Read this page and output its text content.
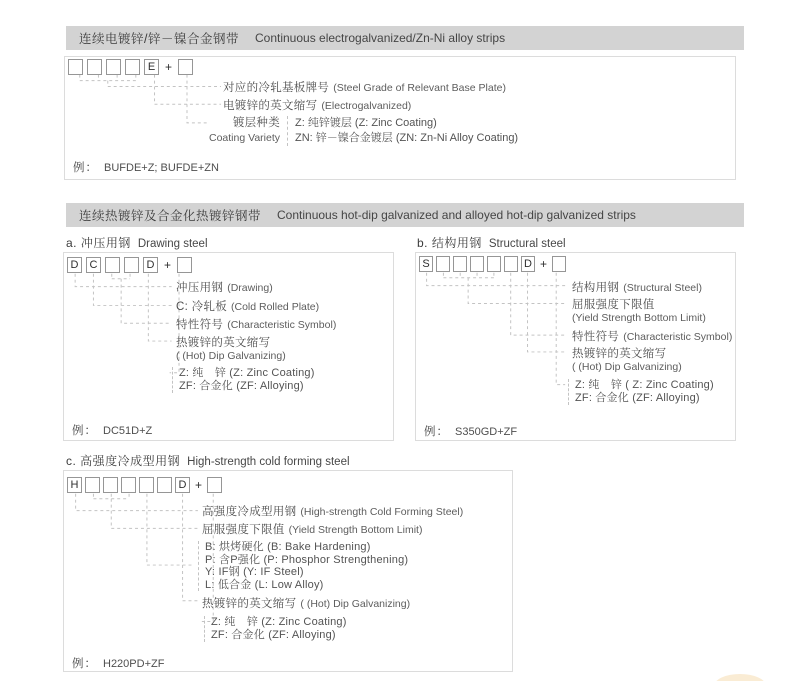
连续电镀锌/锌－镍合金钢带 Continuous electrogalvanized/Zn-Ni alloy strips
E +
对应的冷轧基板牌号 (Steel Grade of Relevant Base Plate)
电镀锌的英文缩写 (Electrogalvanized)
镀层种类
Coating Variety
Z: 纯锌镀层 (Z: Zinc Coating)
ZN: 锌－镍合金镀层 (ZN: Zn-Ni Alloy Coating)
例： BUFDE+Z; BUFDE+ZN
连续热镀锌及合金化热镀锌钢带 Continuous hot-dip galvanized and alloyed hot-dip galvanized strips
a. 冲压用钢 Drawing steel	b. 结构用钢 Structural steel
D	C	D +
冲压用钢 (Drawing)
C: 冷轧板 (Cold Rolled Plate)
特性符号 (Characteristic Symbol)
热镀锌的英文缩写
( (Hot) Dip Galvanizing)
Z: 纯　锌 (Z: Zinc Coating)
ZF: 合金化 (ZF: Alloying)
例： DC51D+Z
S	D +
结构用钢 (Structural Steel)
屈服强度下限值
(Yield Strength Bottom Limit)
特性符号 (Characteristic Symbol)
热镀锌的英文缩写
( (Hot) Dip Galvanizing)
Z: 纯　锌 ( Z: Zinc Coating)
ZF: 合金化 (ZF: Alloying)
例： S350GD+ZF
c. 高强度冷成型用钢 High-strength cold forming steel
H	D +
高强度冷成型用钢 (High-strength Cold Forming Steel)
屈服强度下限值 (Yield Strength Bottom Limit)
B: 烘烤硬化 (B: Bake Hardening)
P: 含P强化 (P: Phosphor Strengthening)
Y: IF钢 (Y: IF Steel)
L: 低合金 (L: Low Alloy)
热镀锌的英文缩写 ( (Hot) Dip Galvanizing)
Z: 纯　锌 (Z: Zinc Coating)
ZF: 合金化 (ZF: Alloying)
例： H220PD+ZF
